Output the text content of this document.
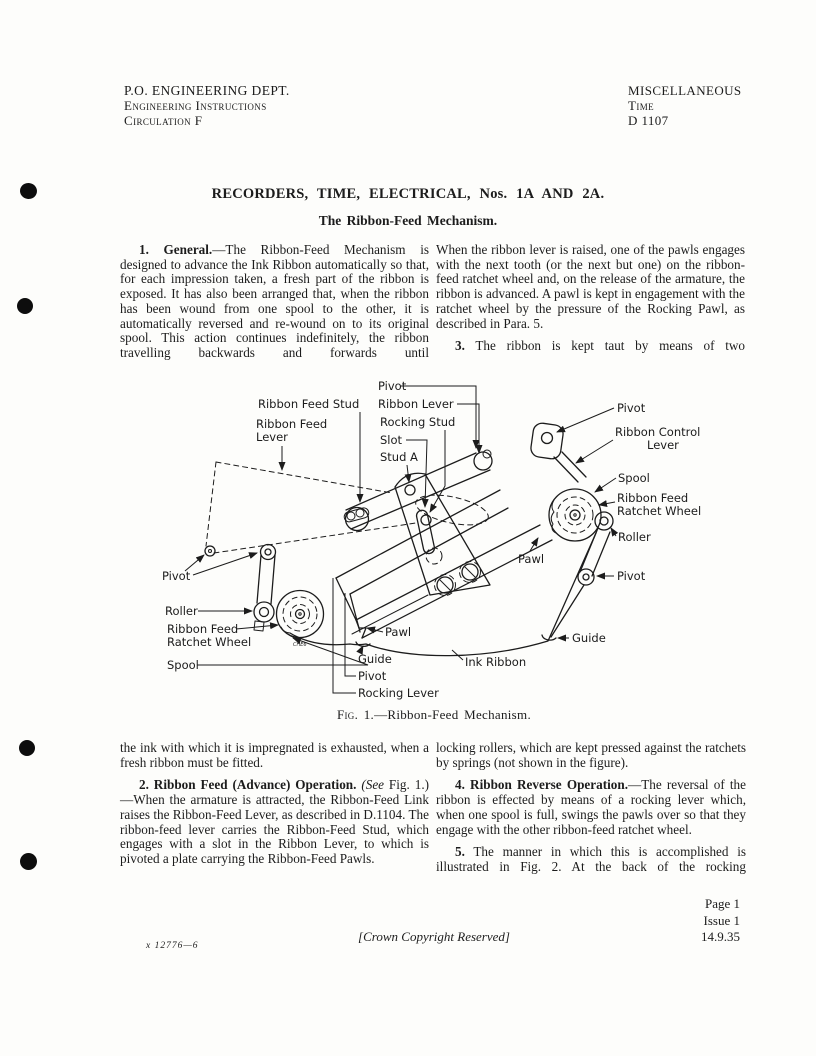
P.O. ENGINEERING DEPT.
Engineering Instructions
Circulation F
MISCELLANEOUS
Time
D 1107
RECORDERS, TIME, ELECTRICAL, Nos. 1A AND 2A.
The Ribbon-Feed Mechanism.

1. General.—The Ribbon-Feed Mechanism is designed to advance the Ink Ribbon automatically so that, for each impression taken, a fresh part of the ribbon is exposed. It has also been arranged that, when the ribbon has been wound from one spool to the other, it is automatically reversed and re-wound on to its original spool. This action continues indefinitely, the ribbon travelling backwards and forwards until

When the ribbon lever is raised, one of the pawls engages with the next tooth (or the next but one) on the ribbon-feed ratchet wheel and, on the release of the armature, the ribbon is advanced. A pawl is kept in engagement with the ratchet wheel by the pressure of the Rocking Pawl, as described in Para. 5.

3. The ribbon is kept taut by means of two

Pivot
Ribbon Lever
Rocking Stud
Slot
Stud A
Ribbon Feed Stud
Ribbon Feed Lever
Pivot
Ribbon Control Lever
Spool
Ribbon Feed Ratchet Wheel
Roller
Pawl
Pivot
Guide
Ink Ribbon
Pivot
Roller
Ribbon Feed Ratchet Wheel
Spool
Pawl
Guide
Pivot
Rocking Lever
CHE6
Fig. 1.—Ribbon-Feed Mechanism.

the ink with which it is impregnated is exhausted, when a fresh ribbon must be fitted.

2. Ribbon Feed (Advance) Operation. (See Fig. 1.)—When the armature is attracted, the Ribbon-Feed Link raises the Ribbon-Feed Lever, as described in D.1104. The ribbon-feed lever carries the Ribbon-Feed Stud, which engages with a slot in the Ribbon Lever, to which is pivoted a plate carrying the Ribbon-Feed Pawls.

locking rollers, which are kept pressed against the ratchets by springs (not shown in the figure).

4. Ribbon Reverse Operation.—The reversal of the ribbon is effected by means of a rocking lever which, when one spool is full, swings the pawls over so that they engage with the other ribbon-feed ratchet wheel.

5. The manner in which this is accomplished is illustrated in Fig. 2. At the back of the rocking

Page 1
Issue 1
14.9.35
[Crown Copyright Reserved]
x 12776—6
